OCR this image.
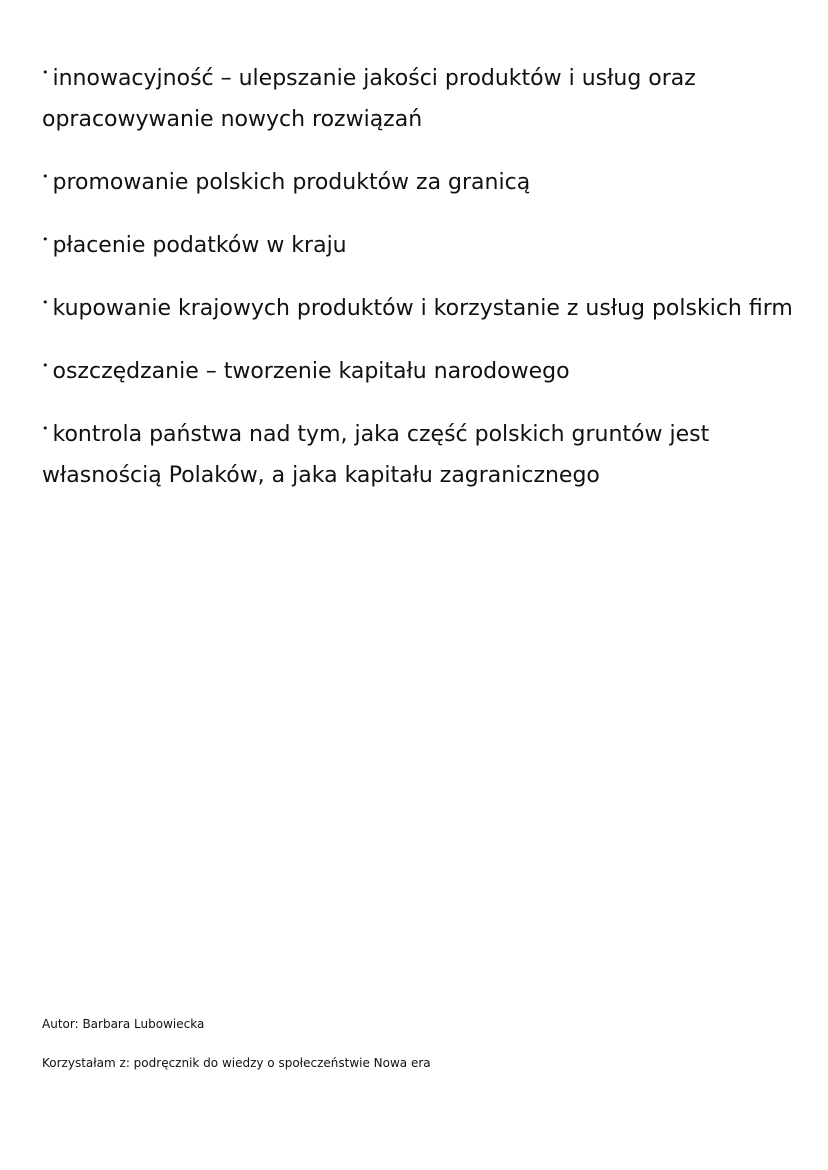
• innowacyjność – ulepszanie jakości produktów i usług oraz opracowywanie nowych rozwiązań
• promowanie polskich produktów za granicą
• płacenie podatków w kraju
• kupowanie krajowych produktów i korzystanie z usług polskich firm
• oszczędzanie – tworzenie kapitału narodowego
• kontrola państwa nad tym, jaka część polskich gruntów jest własnością Polaków, a jaka kapitału zagranicznego
Autor: Barbara Lubowiecka
Korzystałam z: podręcznik do wiedzy o społeczeństwie Nowa era
